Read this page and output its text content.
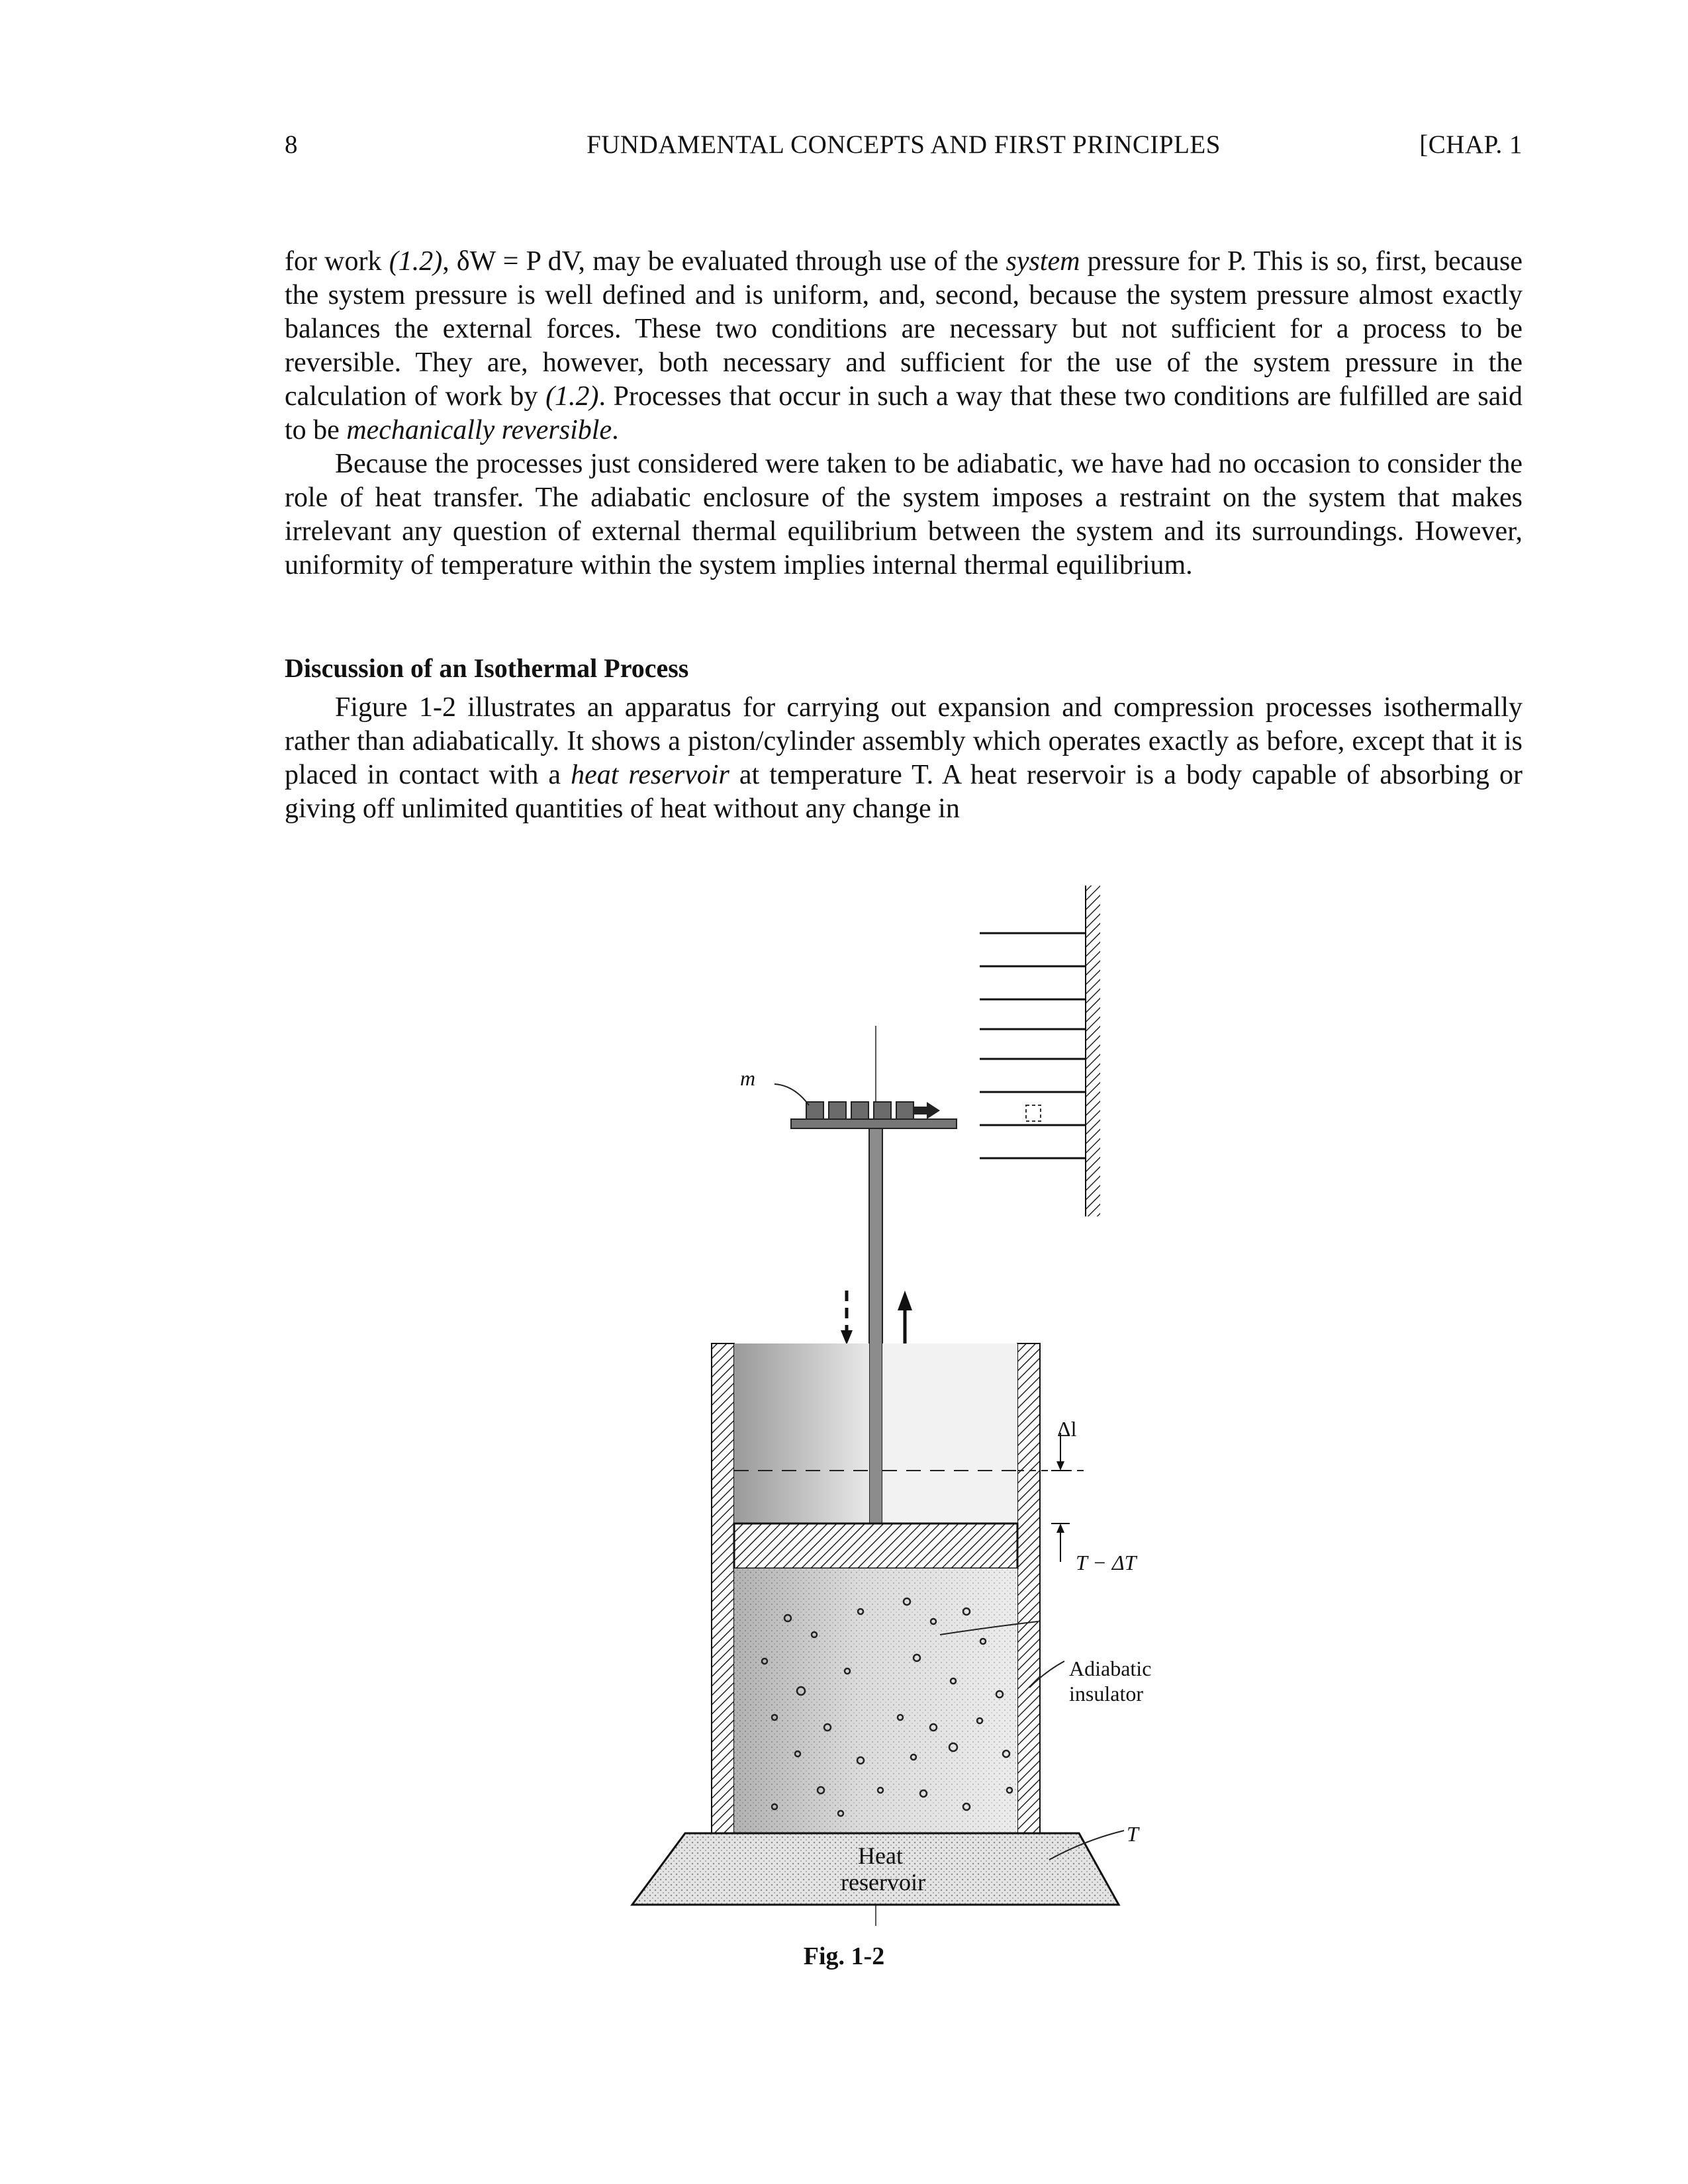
8	FUNDAMENTAL CONCEPTS AND FIRST PRINCIPLES	[CHAP. 1

for work (1.2), δW = P dV, may be evaluated through use of the system pressure for P. This is so, first, because the system pressure is well defined and is uniform, and, second, because the system pressure almost exactly balances the external forces. These two conditions are necessary but not sufficient for a process to be reversible. They are, however, both necessary and sufficient for the use of the system pressure in the calculation of work by (1.2). Processes that occur in such a way that these two conditions are fulfilled are said to be mechanically reversible.

Because the processes just considered were taken to be adiabatic, we have had no occasion to consider the role of heat transfer. The adiabatic enclosure of the system imposes a restraint on the system that makes irrelevant any question of external thermal equilibrium between the system and its surroundings. However, uniformity of temperature within the system implies internal thermal equilibrium.

Discussion of an Isothermal Process

Figure 1-2 illustrates an apparatus for carrying out expansion and compression processes isothermally rather than adiabatically. It shows a piston/cylinder assembly which operates exactly as before, except that it is placed in contact with a heat reservoir at temperature T. A heat reservoir is a body capable of absorbing or giving off unlimited quantities of heat without any change in

m
Δl
T − ΔT
Adiabatic
insulator
T
Heat
reservoir
Fig. 1-2
